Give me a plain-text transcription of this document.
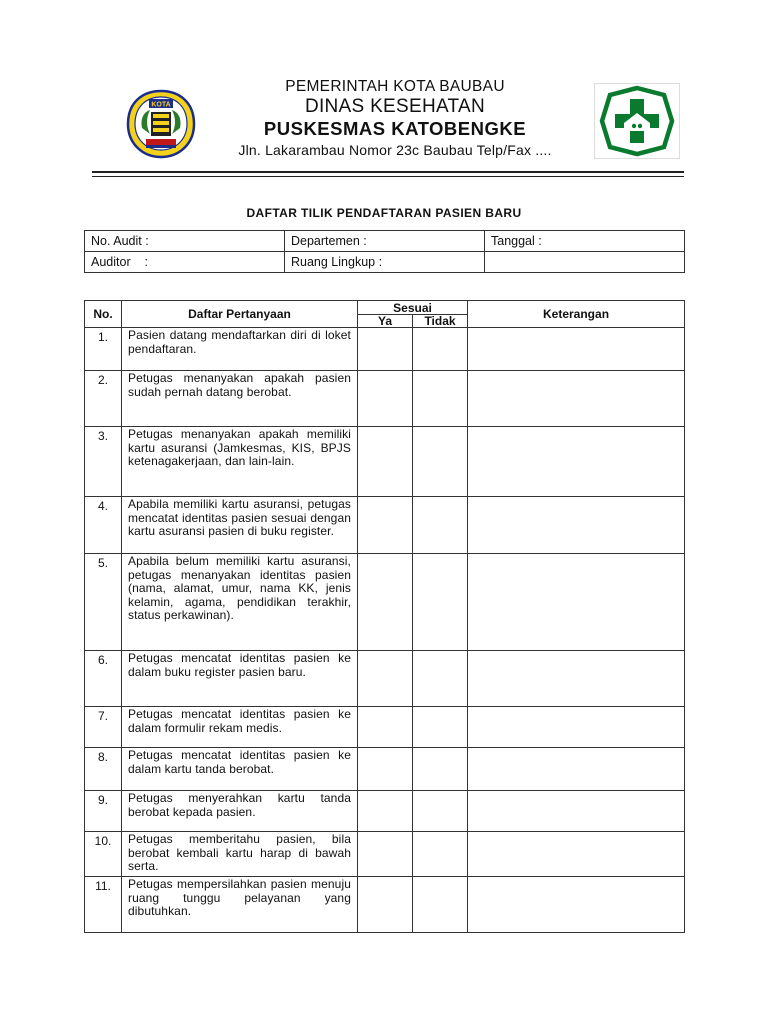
KOTA
PEMERINTAH KOTA BAUBAU
DINAS KESEHATAN
PUSKESMAS KATOBENGKE
Jln. Lakarambau Nomor 23c Baubau Telp/Fax ....
DAFTAR TILIK PENDAFTARAN PASIEN BARU
No. Audit :	Departemen :	Tanggal :
Auditor    :	Ruang Lingkup :	
No.	Daftar Pertanyaan	Sesuai		Keterangan
		Ya	Tidak	
1.	Pasien datang mendaftarkan diri di loket pendaftaran.			
2.	Petugas menanyakan apakah pasien sudah pernah datang berobat.			
3.	Petugas menanyakan apakah memiliki kartu asuransi (Jamkesmas, KIS, BPJS ketenagakerjaan, dan lain-lain.			
4.	Apabila memiliki kartu asuransi, petugas mencatat identitas pasien sesuai dengan kartu asuransi pasien di buku register.			
5.	Apabila belum memiliki kartu asuransi, petugas menanyakan identitas pasien (nama, alamat, umur, nama KK, jenis kelamin, agama, pendidikan terakhir, status perkawinan).			
6.	Petugas mencatat identitas pasien ke dalam buku register pasien baru.			
7.	Petugas mencatat identitas pasien ke dalam formulir rekam medis.			
8.	Petugas mencatat identitas pasien ke dalam kartu tanda berobat.			
9.	Petugas menyerahkan kartu tanda berobat kepada pasien.			
10.	Petugas memberitahu pasien, bila berobat kembali kartu harap di bawah serta.			
11.	Petugas mempersilahkan pasien menuju ruang tunggu pelayanan yang dibutuhkan.			
